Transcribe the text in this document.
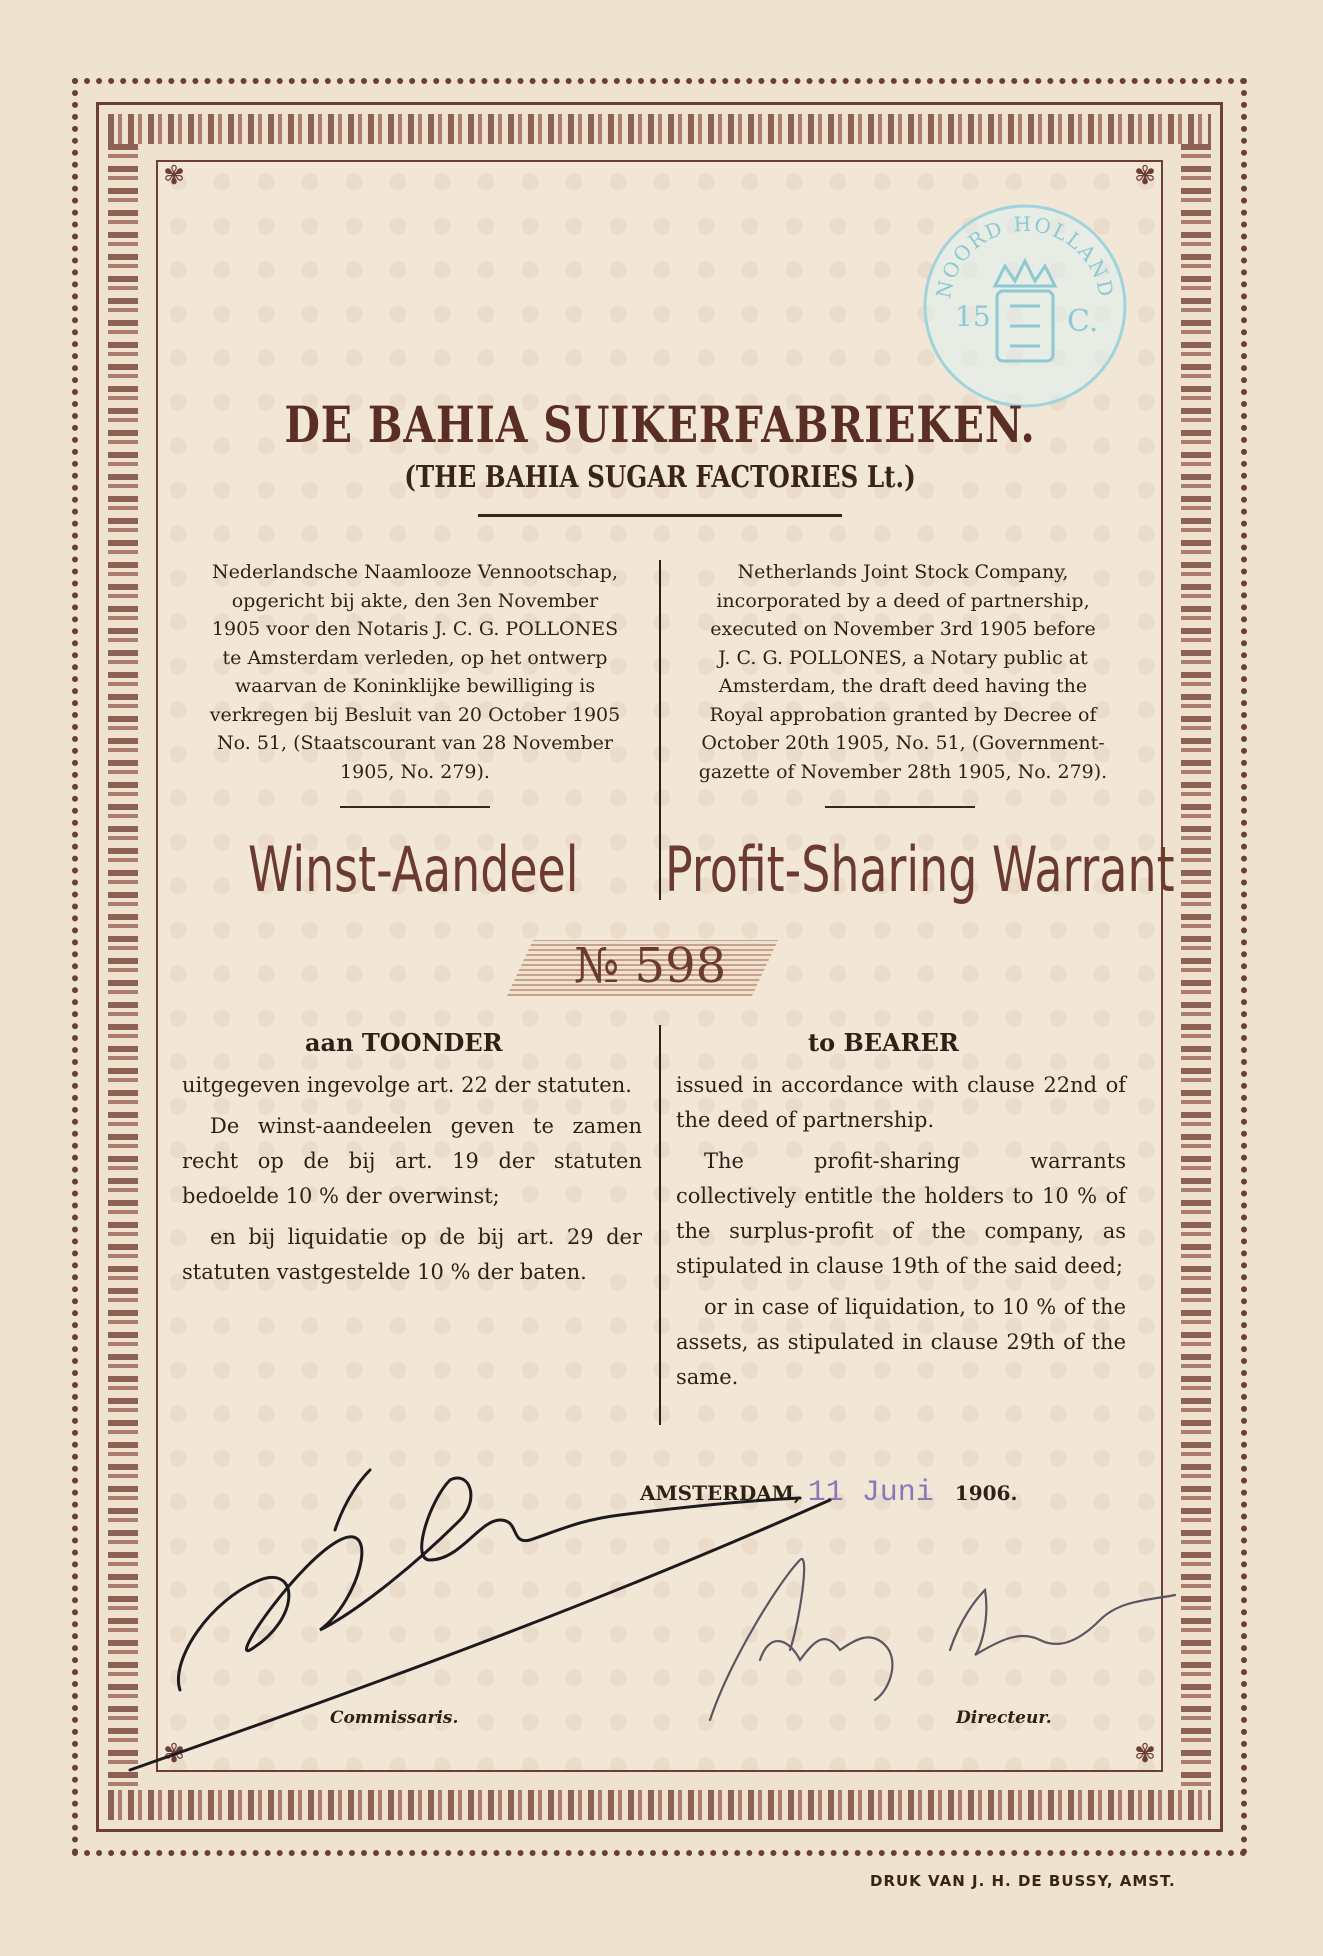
✾	✾
✾	✾
NOORD HOLLAND
15	C.
DE BAHIA SUIKERFABRIEKEN.
(THE BAHIA SUGAR FACTORIES Lt.)
Nederlandsche Naamlooze Vennootschap,
opgericht bij akte, den 3en November
1905 voor den Notaris J. C. G. POLLONES
te Amsterdam verleden, op het ontwerp
waarvan de Koninklijke bewilliging is
verkregen bij Besluit van 20 October 1905
No. 51, (Staatscourant van 28 November
1905, No. 279).
Netherlands Joint Stock Company,
incorporated by a deed of partnership,
executed on November 3rd 1905 before
J. C. G. POLLONES, a Notary public at
Amsterdam, the draft deed having the
Royal approbation granted by Decree of
October 20th 1905, No. 51, (Government-
gazette of November 28th 1905, No. 279).
Winst-Aandeel Profit-Sharing Warrant
№ 598
aan TOONDER

uitgegeven ingevolge art. 22 der statuten.

De winst-aandeelen geven te zamen recht op de bij art. 19 der statuten bedoelde 10 % der overwinst;

en bij liquidatie op de bij art. 29 der statuten vastgestelde 10 % der baten.

to BEARER

issued in accordance with clause 22nd of the deed of partnership.

The profit-sharing warrants collectively entitle the holders to 10 % of the surplus-profit of the company, as stipulated in clause 19th of the said deed;

or in case of liquidation, to 10 % of the assets, as stipulated in clause 29th of the same.

AMSTERDAM, 11 Juni 1906.
Commissaris.	Directeur.
DRUK VAN J. H. DE BUSSY, AMST.
